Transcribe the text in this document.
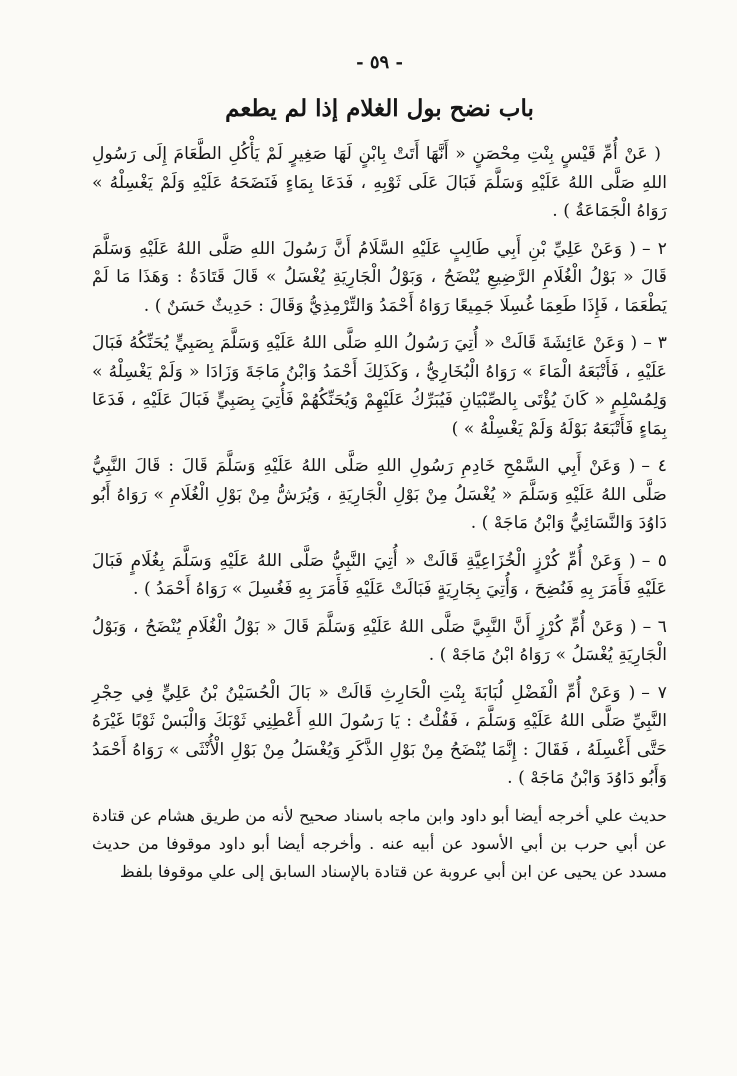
- ٥٩ -
باب نضح بول الغلام إذا لم يطعم

( عَنْ أُمِّ قَيْسٍ بِنْتِ مِحْصَنٍ « أَنَّهَا أَتَتْ بِابْنٍ لَهَا صَغِيرٍ لَمْ يَأْكُلِ الطَّعَامَ إِلَى رَسُولِ اللهِ صَلَّى اللهُ عَلَيْهِ وَسَلَّمَ فَبَالَ عَلَى ثَوْبِهِ ، فَدَعَا بِمَاءٍ فَنَضَحَهُ عَلَيْهِ وَلَمْ يَغْسِلْهُ » رَوَاهُ الْجَمَاعَةُ ) .

٢ –( وَعَنْ عَلِيِّ بْنِ أَبِي طَالِبٍ عَلَيْهِ السَّلَامُ أَنَّ رَسُولَ اللهِ صَلَّى اللهُ عَلَيْهِ وَسَلَّمَ قَالَ « بَوْلُ الْغُلَامِ الرَّضِيعِ يُنْضَحُ ، وَبَوْلُ الْجَارِيَةِ يُغْسَلُ » قَالَ قَتَادَةُ : وَهَذَا مَا لَمْ يَطْعَمَا ، فَإِذَا طَعِمَا غُسِلَا جَمِيعًا رَوَاهُ أَحْمَدُ وَالتِّرْمِذِيُّ وَقَالَ : حَدِيثٌ حَسَنٌ ) .

٣ –( وَعَنْ عَائِشَةَ قَالَتْ « أُتِيَ رَسُولُ اللهِ صَلَّى اللهُ عَلَيْهِ وَسَلَّمَ بِصَبِيٍّ يُحَنِّكُهُ فَبَالَ عَلَيْهِ ، فَأَتْبَعَهُ الْمَاءَ » رَوَاهُ الْبُخَارِيُّ ، وَكَذَلِكَ أَحْمَدُ وَابْنُ مَاجَةَ وَزَادَا « وَلَمْ يَغْسِلْهُ » وَلِمُسْلِمٍ « كَانَ يُؤْتَى بِالصِّبْيَانِ فَيُبَرِّكُ عَلَيْهِمْ وَيُحَنِّكُهُمْ فَأُتِيَ بِصَبِيٍّ فَبَالَ عَلَيْهِ ، فَدَعَا بِمَاءٍ فَأَتْبَعَهُ بَوْلَهُ وَلَمْ يَغْسِلْهُ » )

٤ –( وَعَنْ أَبِي السَّمْحِ خَادِمِ رَسُولِ اللهِ صَلَّى اللهُ عَلَيْهِ وَسَلَّمَ قَالَ : قَالَ النَّبِيُّ صَلَّى اللهُ عَلَيْهِ وَسَلَّمَ « يُغْسَلُ مِنْ بَوْلِ الْجَارِيَةِ ، وَيُرَشُّ مِنْ بَوْلِ الْغُلَامِ » رَوَاهُ أَبُو دَاوُدَ وَالنَّسَائِيُّ وَابْنُ مَاجَهْ ) .

٥ –( وَعَنْ أُمِّ كُرْزٍ الْخُزَاعِيَّةِ قَالَتْ « أُتِيَ النَّبِيُّ صَلَّى اللهُ عَلَيْهِ وَسَلَّمَ بِغُلَامٍ فَبَالَ عَلَيْهِ فَأَمَرَ بِهِ فَنُضِحَ ، وَأُتِيَ بِجَارِيَةٍ فَبَالَتْ عَلَيْهِ فَأَمَرَ بِهِ فَغُسِلَ » رَوَاهُ أَحْمَدُ ) .

٦ –( وَعَنْ أُمِّ كُرْزٍ أَنَّ النَّبِيَّ صَلَّى اللهُ عَلَيْهِ وَسَلَّمَ قَالَ « بَوْلُ الْغُلَامِ يُنْضَحُ ، وَبَوْلُ الْجَارِيَةِ يُغْسَلُ » رَوَاهُ ابْنُ مَاجَهْ ) .

٧ –( وَعَنْ أُمِّ الْفَضْلِ لُبَابَةَ بِنْتِ الْحَارِثِ قَالَتْ « بَالَ الْحُسَيْنُ بْنُ عَلِيٍّ فِي حِجْرِ النَّبِيِّ صَلَّى اللهُ عَلَيْهِ وَسَلَّمَ ، فَقُلْتُ : يَا رَسُولَ اللهِ أَعْطِنِي ثَوْبَكَ وَالْبَسْ ثَوْبًا غَيْرَهُ حَتَّى أَغْسِلَهُ ، فَقَالَ : إِنَّمَا يُنْضَحُ مِنْ بَوْلِ الذَّكَرِ وَيُغْسَلُ مِنْ بَوْلِ الْأُنْثَى » رَوَاهُ أَحْمَدُ وَأَبُو دَاوُدَ وَابْنُ مَاجَهْ ) .

حديث علي أخرجه أيضا أبو داود وابن ماجه باسناد صحيح لأنه من طريق هشام عن قتادة عن أبي حرب بن أبي الأسود عن أبيه عنه . وأخرجه أيضا أبو داود موقوفا من حديث مسدد عن يحيى عن ابن أبي عروبة عن قتادة بالإسناد السابق إلى علي موقوفا بلفظ
